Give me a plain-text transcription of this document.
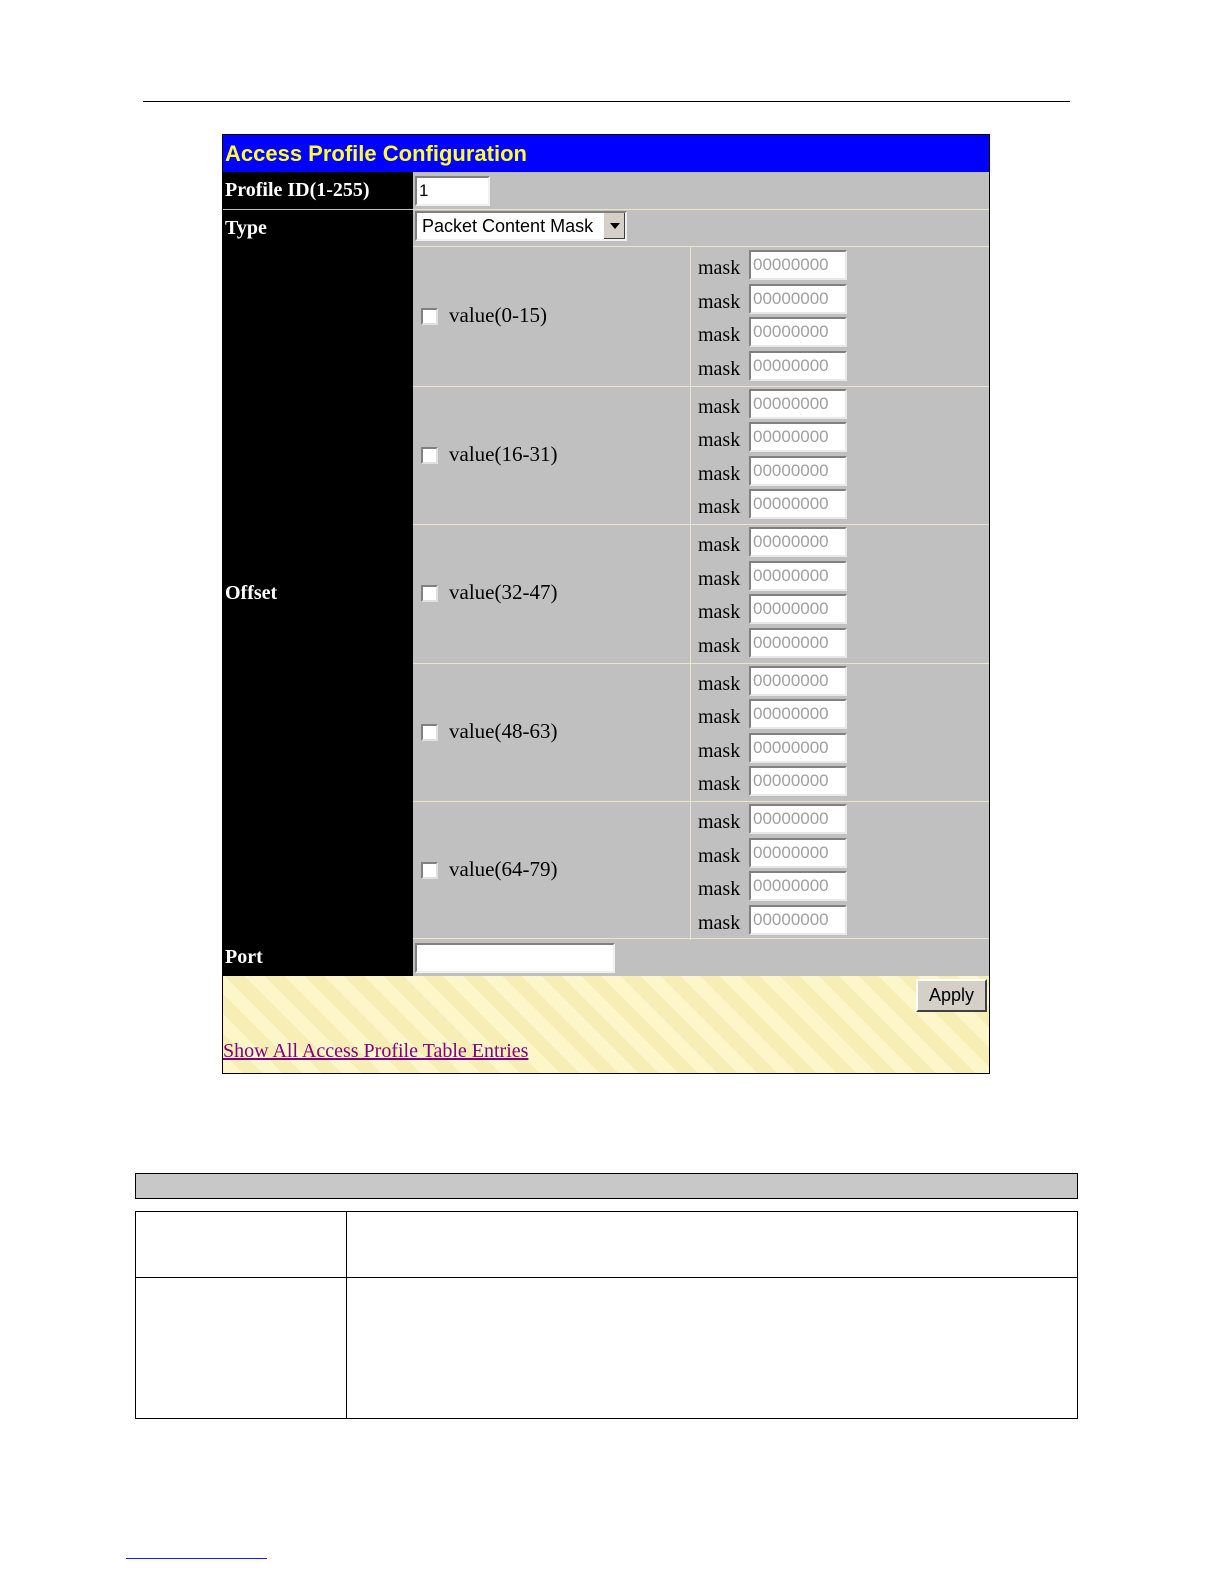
Access Profile Configuration
Profile ID(1-255)	1
Type	Packet Content Mask
Offset
value(0-15)
mask 00000000
mask 00000000
mask 00000000
mask 00000000
value(16-31)
mask 00000000
mask 00000000
mask 00000000
mask 00000000
value(32-47)
mask 00000000
mask 00000000
mask 00000000
mask 00000000
value(48-63)
mask 00000000
mask 00000000
mask 00000000
mask 00000000
value(64-79)
mask 00000000
mask 00000000
mask 00000000
mask 00000000
Port
Apply
Show All Access Profile Table Entries
